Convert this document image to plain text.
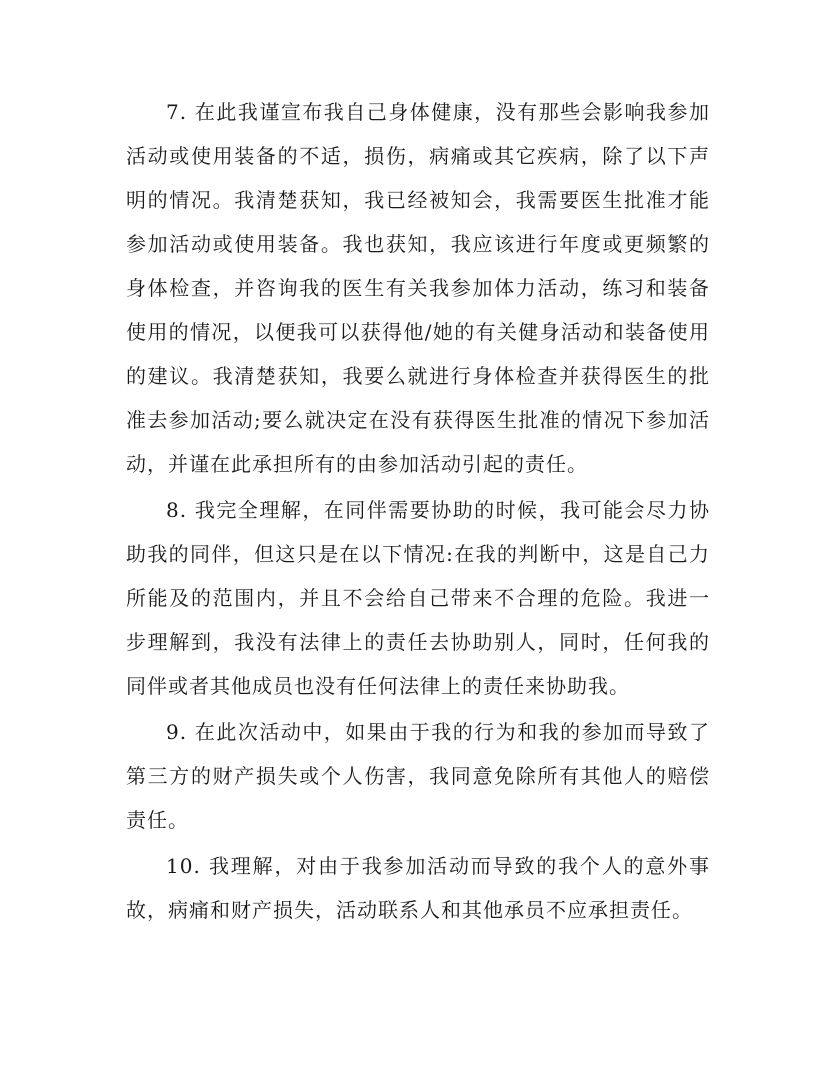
7. 在此我谨宣布我自己身体健康，没有那些会影响我参加活动或使用装备的不适，损伤，病痛或其它疾病，除了以下声明的情况。我清楚获知，我已经被知会，我需要医生批准才能参加活动或使用装备。我也获知，我应该进行年度或更频繁的身体检查，并咨询我的医生有关我参加体力活动，练习和装备使用的情况，以便我可以获得他/她的有关健身活动和装备使用的建议。我清楚获知，我要么就进行身体检查并获得医生的批准去参加活动;要么就决定在没有获得医生批准的情况下参加活动，并谨在此承担所有的由参加活动引起的责任。

8. 我完全理解，在同伴需要协助的时候，我可能会尽力协助我的同伴，但这只是在以下情况:在我的判断中，这是自己力所能及的范围内，并且不会给自己带来不合理的危险。我进一步理解到，我没有法律上的责任去协助别人，同时，任何我的同伴或者其他成员也没有任何法律上的责任来协助我。

9. 在此次活动中，如果由于我的行为和我的参加而导致了第三方的财产损失或个人伤害，我同意免除所有其他人的赔偿责任。

10. 我理解，对由于我参加活动而导致的我个人的意外事故，病痛和财产损失，活动联系人和其他承员不应承担责任。
